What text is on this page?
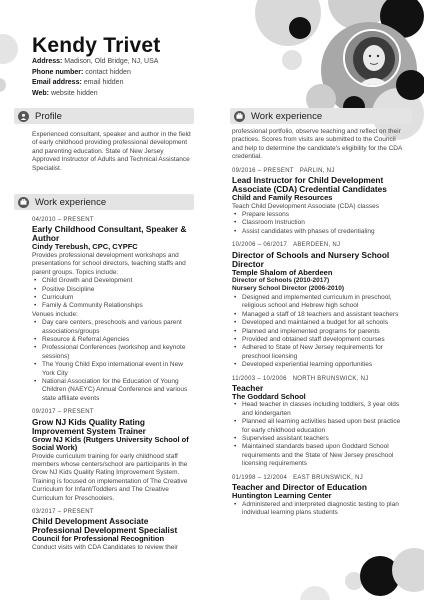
Kendy Trivet
Address: Madison, Old Bridge, NJ, USA
Phone number: contact hidden
Email address: email hidden
Web: website hidden
Profile
Work experience
Work experience
Experienced consultant, speaker and author in the field of early childhood providing professional development and parenting education. State of New Jersey Approved Instructor of Adults and Technical Assistance Specialist.
04/2010 – PRESENT
Early Childhood Consultant, Speaker & Author
Cindy Terebush, CPC, CYPFC
Provides professional development workshops and presentations for school directors, teaching staffs and parent groups. Topics include:
• Child Growth and Development
• Positive Discipline
• Curriculum
• Family & Community Relationships
Venues include:
• Day care centers, preschools and various parent associations/groups
• Resource & Referral Agencies
• Professional Conferences (workshop and keynote sessions)
• The Young Child Expo international event in New York City
• National Association for the Education of Young Children (NAEYC) Annual Conference and various state affiliate events
09/2017 – PRESENT
Grow NJ Kids Quality Rating Improvement System Trainer
Grow NJ Kids (Rutgers University School of Social Work)
Provide curriculum training for early childhood staff members whose centers/school are participants in the Grow NJ Kids Quality Rating Improvement System. Training is focused on implementation of The Creative Curriculum for Infant/Toddlers and The Creative Curriculum for Preschoolers.
03/2017 – PRESENT
Child Development Associate Professional Development Specialist
Council for Professional Recognition
Conduct visits with CDA Candidates to review their
professional portfolio, observe teaching and reflect on their practices. Scores from visits are submitted to the Council and help to determine the candidate's eligibility for the CDA credential.
09/2016 – PRESENT PARLIN, NJ
Lead Instructor for Child Development Associate (CDA) Credential Candidates
Child and Family Resources
Teach Child Development Associate (CDA) classes
• Prepare lessons
• Classroom Instruction
• Assist candidates with phases of credentialing
10/2006 – 06/2017 ABERDEEN, NJ
Director of Schools and Nursery School Director
Temple Shalom of Aberdeen
Director of Schools (2010-2017)
Nursery School Director (2006-2010)
• Designed and implemented curriculum in preschool, religious school and Hebrew high school
• Managed a staff of 18 teachers and assistant teachers
• Developed and maintained a budget for all schools
• Planned and implemented programs for parents
• Provided and obtained staff development courses
• Adhered to State of New Jersey requirements for preschool licensing
• Developed experiential learning opportunities
11/2003 – 10/2006 NORTH BRUNSWICK, NJ
Teacher
The Goddard School
• Head teacher in classes including toddlers, 3 year olds and kindergarten
• Planned all learning activities based upon best practice for early childhood education
• Supervised assistant teachers
• Maintained standards based upon Goddard School requirements and the State of New Jersey preschool licensing requirements
01/1998 – 12/2004 EAST BRUNSWICK, NJ
Teacher and Director of Education
Huntington Learning Center
• Administered and interpreted diagnostic testing to plan individual learning plans students
